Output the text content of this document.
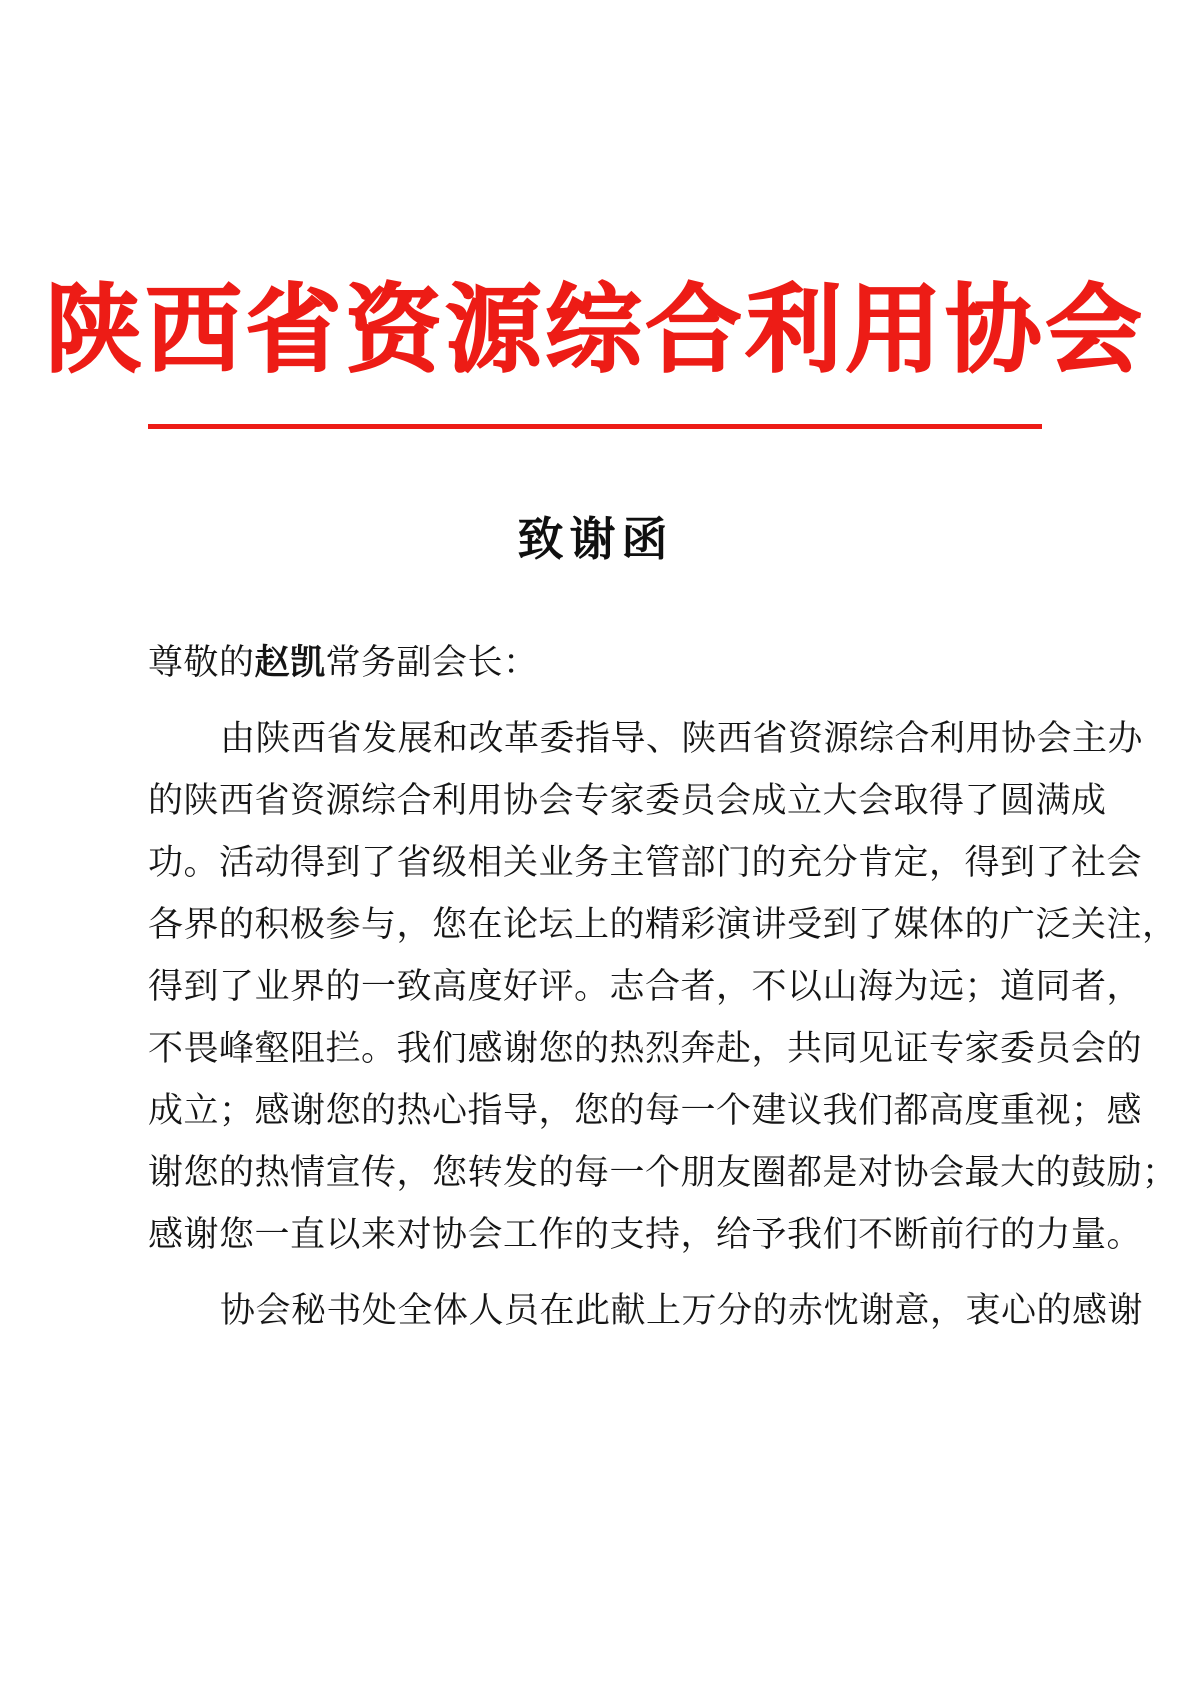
陕西省资源综合利用协会
致谢函
尊敬的赵凯常务副会长：
由陕西省发展和改革委指导、陕西省资源综合利用协会主办
的陕西省资源综合利用协会专家委员会成立大会取得了圆满成
功。活动得到了省级相关业务主管部门的充分肯定，得到了社会
各界的积极参与，您在论坛上的精彩演讲受到了媒体的广泛关注，
得到了业界的一致高度好评。志合者，不以山海为远；道同者，
不畏峰壑阻拦。我们感谢您的热烈奔赴，共同见证专家委员会的
成立；感谢您的热心指导，您的每一个建议我们都高度重视；感
谢您的热情宣传，您转发的每一个朋友圈都是对协会最大的鼓励；
感谢您一直以来对协会工作的支持，给予我们不断前行的力量。
协会秘书处全体人员在此献上万分的赤忱谢意，衷心的感谢
